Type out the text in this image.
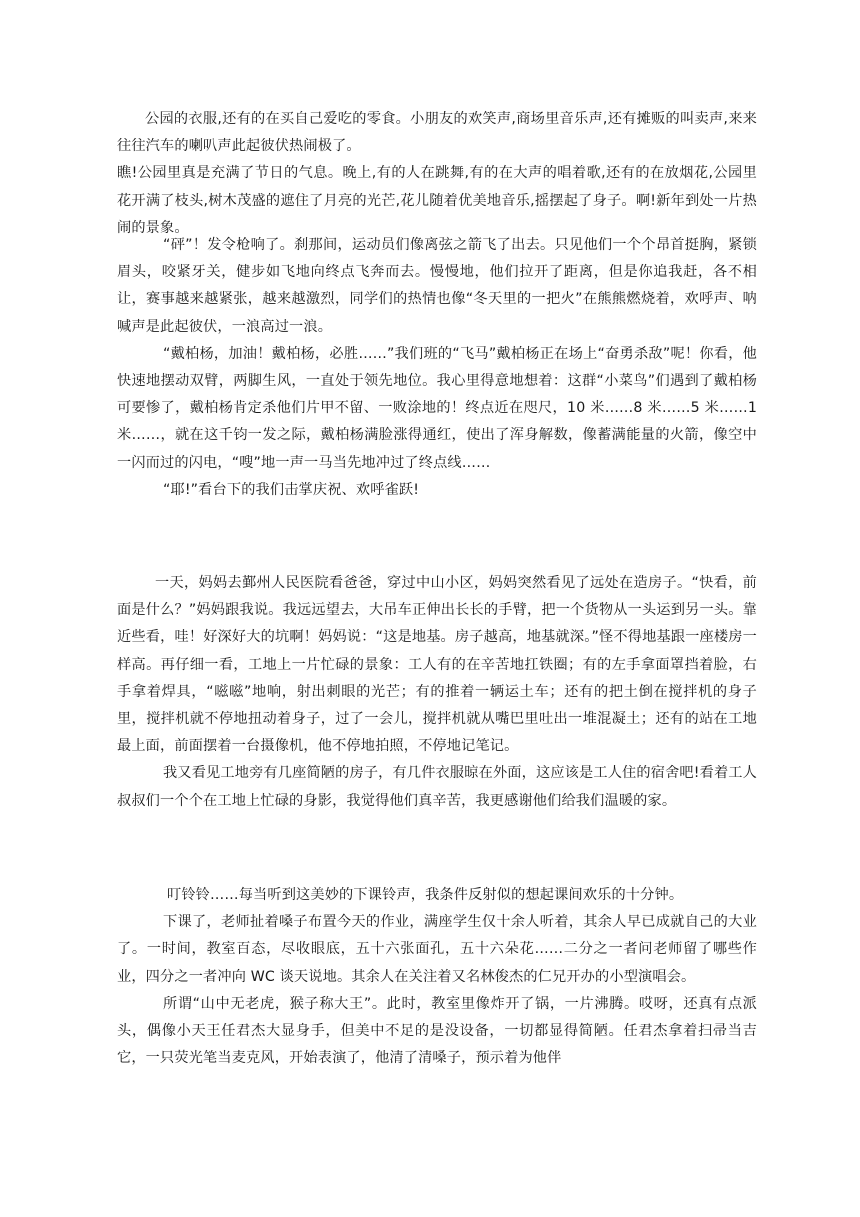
公园的衣服,还有的在买自己爱吃的零食。小朋友的欢笑声,商场里音乐声,还有摊贩的叫卖声,来来往往汽车的喇叭声此起彼伏热闹极了。

瞧!公园里真是充满了节日的气息。晚上,有的人在跳舞,有的在大声的唱着歌,还有的在放烟花,公园里花开满了枝头,树木茂盛的遮住了月亮的光芒,花儿随着优美地音乐,摇摆起了身子。啊!新年到处一片热闹的景象。

“砰”！发令枪响了。刹那间，运动员们像离弦之箭飞了出去。只见他们一个个昂首挺胸，紧锁眉头，咬紧牙关，健步如飞地向终点飞奔而去。慢慢地，他们拉开了距离，但是你追我赶，各不相让，赛事越来越紧张，越来越激烈，同学们的热情也像“冬天里的一把火”在熊熊燃烧着，欢呼声、呐喊声是此起彼伏，一浪高过一浪。

“戴柏杨，加油！戴柏杨，必胜……”我们班的“飞马”戴柏杨正在场上“奋勇杀敌”呢！你看，他快速地摆动双臂，两脚生风，一直处于领先地位。我心里得意地想着：这群“小菜鸟”们遇到了戴柏杨可要惨了，戴柏杨肯定杀他们片甲不留、一败涂地的！终点近在咫尺，10 米……8 米……5 米……1 米……，就在这千钧一发之际，戴柏杨满脸涨得通红，使出了浑身解数，像蓄满能量的火箭，像空中一闪而过的闪电，“嗖”地一声一马当先地冲过了终点线……

“耶!”看台下的我们击掌庆祝、欢呼雀跃!

一天，妈妈去鄞州人民医院看爸爸，穿过中山小区，妈妈突然看见了远处在造房子。“快看，前面是什么？”妈妈跟我说。我远远望去，大吊车正伸出长长的手臂，把一个货物从一头运到另一头。靠近些看，哇！好深好大的坑啊！妈妈说：“这是地基。房子越高，地基就深。”怪不得地基跟一座楼房一样高。再仔细一看，工地上一片忙碌的景象：工人有的在辛苦地扛铁圈；有的左手拿面罩挡着脸，右手拿着焊具，“嗞嗞”地响，射出刺眼的光芒；有的推着一辆运土车；还有的把土倒在搅拌机的身子里，搅拌机就不停地扭动着身子，过了一会儿，搅拌机就从嘴巴里吐出一堆混凝土；还有的站在工地最上面，前面摆着一台摄像机，他不停地拍照，不停地记笔记。

我又看见工地旁有几座简陋的房子，有几件衣服晾在外面，这应该是工人住的宿舍吧!看着工人叔叔们一个个在工地上忙碌的身影，我觉得他们真辛苦，我更感谢他们给我们温暖的家。

叮铃铃……每当听到这美妙的下课铃声，我条件反射似的想起课间欢乐的十分钟。

下课了，老师扯着嗓子布置今天的作业，满座学生仅十余人听着，其余人早已成就自己的大业了。一时间，教室百态，尽收眼底，五十六张面孔，五十六朵花……二分之一者问老师留了哪些作业，四分之一者冲向 WC 谈天说地。其余人在关注着又名林俊杰的仁兄开办的小型演唱会。

所谓“山中无老虎，猴子称大王”。此时，教室里像炸开了锅，一片沸腾。哎呀，还真有点派头，偶像小天王任君杰大显身手，但美中不足的是没设备，一切都显得简陋。任君杰拿着扫帚当吉它，一只荧光笔当麦克风，开始表演了，他清了清嗓子，预示着为他伴
